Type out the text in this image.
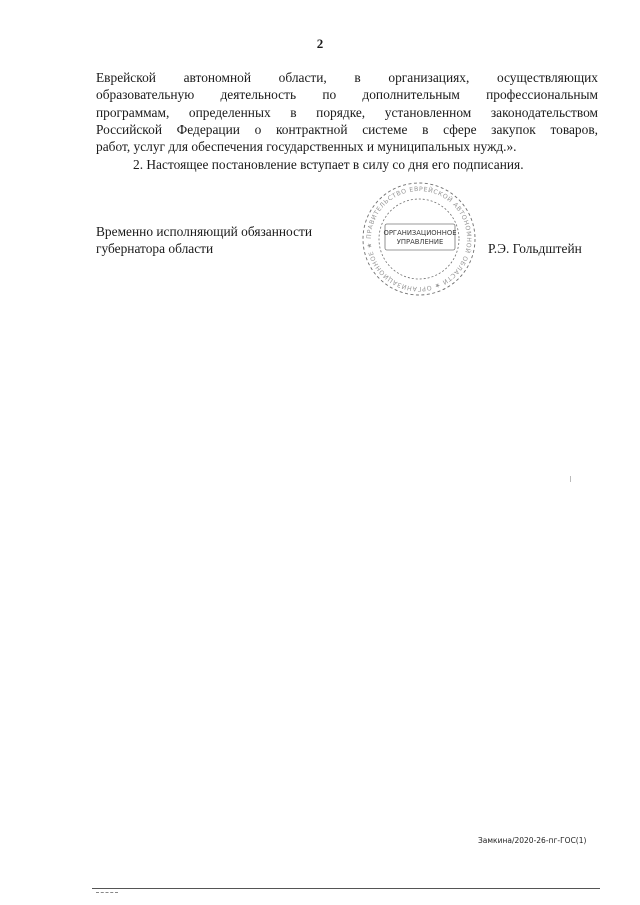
2
Еврейской автономной области, в организациях, осуществляющих
образовательную деятельность по дополнительным профессиональным
программам, определенных в порядке, установленном законодательством
Российской Федерации о контрактной системе в сфере закупок товаров,
работ, услуг для обеспечения государственных и муниципальных нужд.».
2. Настоящее постановление вступает в силу со дня его подписания.
Временно исполняющий обязанности
губернатора области
ПРАВИТЕЛЬСТВО ЕВРЕЙСКОЙ АВТОНОМНОЙ ОБЛАСТИ ★ ОРГАНИЗАЦИОННОЕ ★
ОРГАНИЗАЦИОННОЕ
УПРАВЛЕНИЕ	Р.Э. Гольдштейн
Замкина/2020-26-пг-ГОС(1)
